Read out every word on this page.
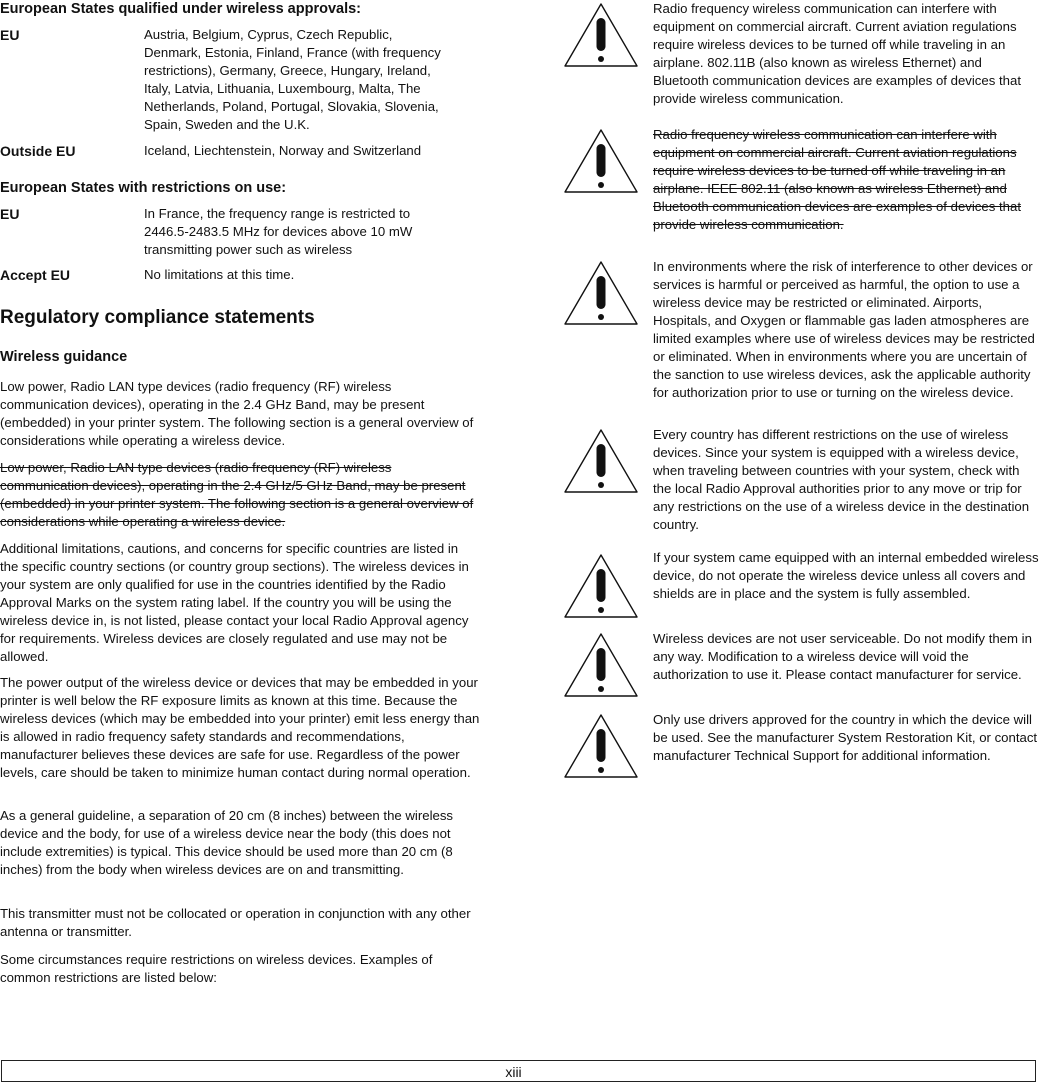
European States qualified under wireless approvals:
EU	Austria, Belgium, Cyprus, Czech Republic,
Denmark, Estonia, Finland, France (with frequency
restrictions), Germany, Greece, Hungary, Ireland,
Italy, Latvia, Lithuania, Luxembourg, Malta, The
Netherlands, Poland, Portugal, Slovakia, Slovenia,
Spain, Sweden and the U.K.
Outside EU	Iceland, Liechtenstein, Norway and Switzerland
European States with restrictions on use:
EU	In France, the frequency range is restricted to
2446.5-2483.5 MHz for devices above 10 mW
transmitting power such as wireless
Accept EU	No limitations at this time.
Regulatory compliance statements
Wireless guidance

Low power, Radio LAN type devices (radio frequency (RF) wireless communication devices), operating in the 2.4 GHz Band, may be present (embedded) in your printer system. The following section is a general overview of considerations while operating a wireless device.

Low power, Radio LAN type devices (radio frequency (RF) wireless communication devices), operating in the 2.4 GHz/5 GHz Band, may be present (embedded) in your printer system. The following section is a general overview of considerations while operating a wireless device.

Additional limitations, cautions, and concerns for specific countries are listed in the specific country sections (or country group sections). The wireless devices in your system are only qualified for use in the countries identified by the Radio Approval Marks on the system rating label. If the country you will be using the wireless device in, is not listed, please contact your local Radio Approval agency for requirements. Wireless devices are closely regulated and use may not be allowed.

The power output of the wireless device or devices that may be embedded in your printer is well below the RF exposure limits as known at this time. Because the wireless devices (which may be embedded into your printer) emit less energy than is allowed in radio frequency safety standards and recommendations, manufacturer believes these devices are safe for use. Regardless of the power levels, care should be taken to minimize human contact during normal operation.

As a general guideline, a separation of 20 cm (8 inches) between the wireless device and the body, for use of a wireless device near the body (this does not include extremities) is typical. This device should be used more than 20 cm (8 inches) from the body when wireless devices are on and transmitting.

This transmitter must not be collocated or operation in conjunction with any other antenna or transmitter.

Some circumstances require restrictions on wireless devices. Examples of common restrictions are listed below:

Radio frequency wireless communication can interfere with equipment on commercial aircraft. Current aviation regulations require wireless devices to be turned off while traveling in an airplane. 802.11B (also known as wireless Ethernet) and Bluetooth communication devices are examples of devices that provide wireless communication.

Radio frequency wireless communication can interfere with equipment on commercial aircraft. Current aviation regulations require wireless devices to be turned off while traveling in an airplane. IEEE 802.11 (also known as wireless Ethernet) and Bluetooth communication devices are examples of devices that provide wireless communication.

In environments where the risk of interference to other devices or services is harmful or perceived as harmful, the option to use a wireless device may be restricted or eliminated. Airports, Hospitals, and Oxygen or flammable gas laden atmospheres are limited examples where use of wireless devices may be restricted or eliminated. When in environments where you are uncertain of the sanction to use wireless devices, ask the applicable authority for authorization prior to use or turning on the wireless device.

Every country has different restrictions on the use of wireless devices. Since your system is equipped with a wireless device, when traveling between countries with your system, check with the local Radio Approval authorities prior to any move or trip for any restrictions on the use of a wireless device in the destination country.

If your system came equipped with an internal embedded wireless device, do not operate the wireless device unless all covers and shields are in place and the system is fully assembled.

Wireless devices are not user serviceable. Do not modify them in any way. Modification to a wireless device will void the authorization to use it. Please contact manufacturer for service.

Only use drivers approved for the country in which the device will be used. See the manufacturer System Restoration Kit, or contact manufacturer Technical Support for additional information.

xiii
